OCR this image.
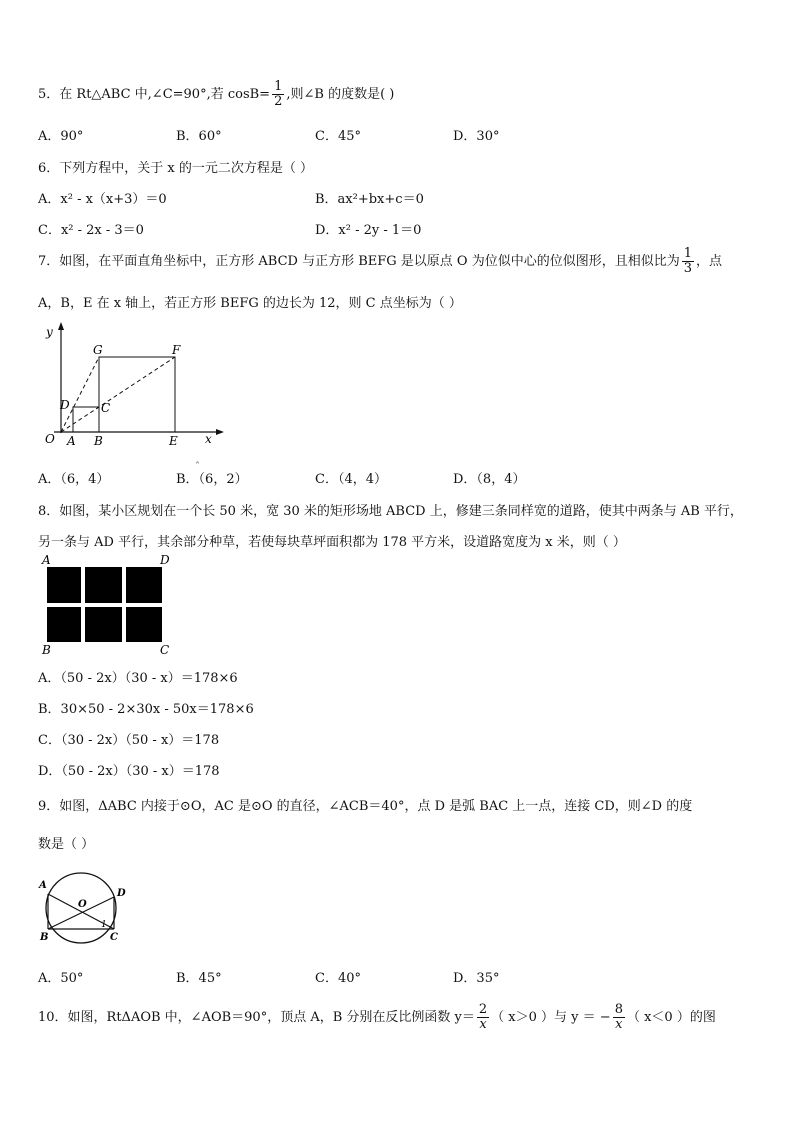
5．在 Rt△ABC 中,∠C=90°,若 $\cos B= \frac{1}{2}$ ,则∠B 的度数是( )
A．90°	B．60°	C．45°	D．30°
6．下列方程中，关于 x 的一元二次方程是（ ）
A．x² - x（x+3）＝0	B．ax²+bx+c＝0
C．x² - 2x - 3＝0	D．x² - 2y - 1＝0
7．如图，在平面直角坐标中，正方形 ABCD 与正方形 BEFG 是以原点 O 为位似中心的位似图形，且相似比为 $\frac{1}{3}$ ，点
A，B，E 在 x 轴上，若正方形 BEFG 的边长为 12，则 C 点坐标为（ ）
y
x
O A B	E
D	C
G	F
A．（6，4）	B．（6，2）
ˆ
C．（4，4）	D．（8，4）
8．如图，某小区规划在一个长 50 米，宽 30 米的矩形场地 ABCD 上，修建三条同样宽的道路，使其中两条与 AB 平行，
另一条与 AD 平行，其余部分种草，若使每块草坪面积都为 178 平方米，设道路宽度为 x 米，则（ ）
A	D
B	C
A．（50 - 2x）（30 - x）＝178×6
B．30×50 - 2×30x - 50x＝178×6
C．（30 - 2x）（50 - x）＝178
D．（50 - 2x）（30 - x）＝178
9．如图，ΔABC 内接于⊙O，AC 是⊙O 的直径，∠ACB＝40°，点 D 是弧 BAC 上一点，连接 CD，则∠D 的度
数是（ ）
A
O
D
B	C
1
A．50°	B．45°	C．40°	D．35°
10．如图，RtΔAOB 中，∠AOB＝90°，顶点 A，B 分别在反比例函数 $y= \frac{2}{x}$ （ x＞0 ）与 y ＝ − $\frac{8}{x}$ （ x＜0 ）的图
